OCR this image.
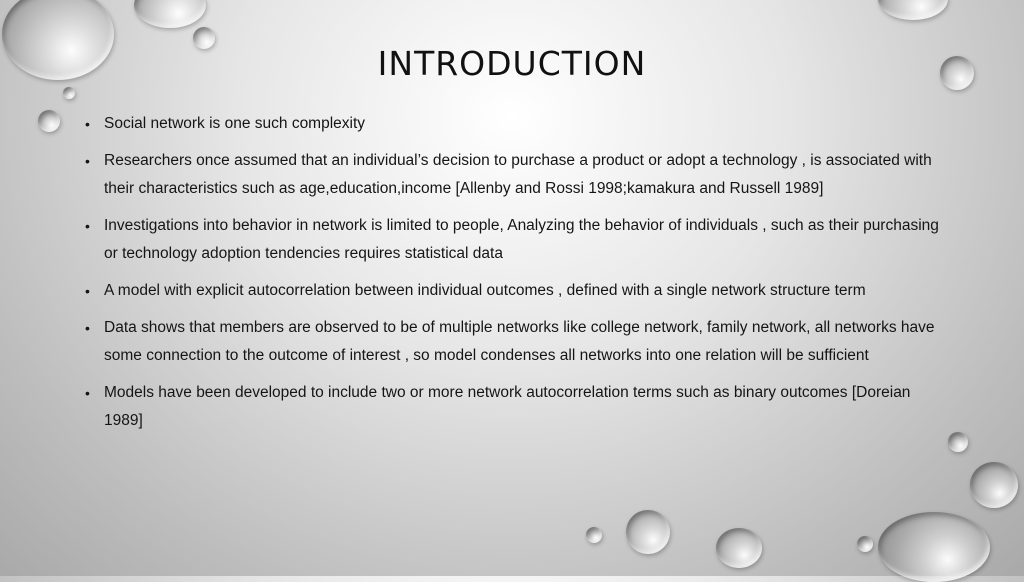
INTRODUCTION
• Social network is one such complexity
• Researchers once assumed that an individual’s decision to purchase a product or adopt a technology , is associated with their characteristics such as age,education,income [Allenby and Rossi 1998;kamakura and Russell 1989]
• Investigations into behavior in network is limited to people, Analyzing the behavior of individuals , such as their purchasing or technology adoption tendencies requires statistical data
• A model with explicit autocorrelation between individual outcomes , defined with a single network structure term
• Data shows that members are observed to be of multiple networks like college network, family network, all networks have some connection to the outcome of interest , so model condenses all networks into one relation will be sufficient
• Models have been developed to include two or more network autocorrelation terms such as binary outcomes [Doreian 1989]
